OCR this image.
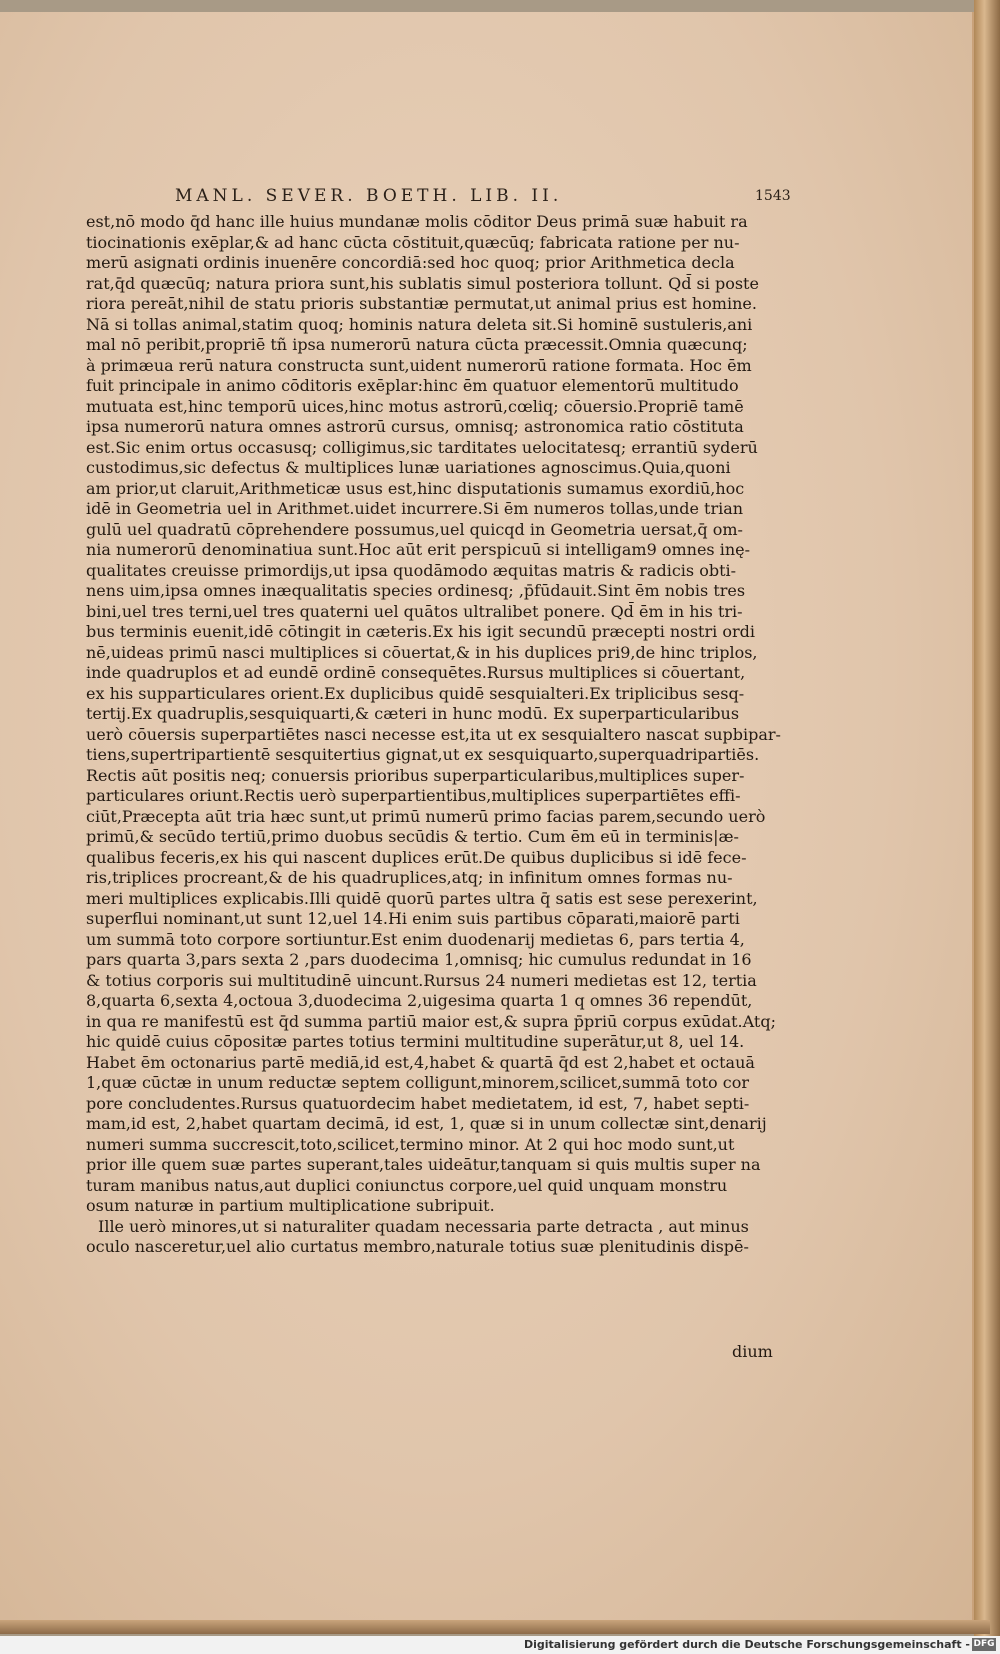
MANL. SEVER. BOETH. LIB. II.	1543
est,nō modo q̄d hanc ille huius mundanæ molis cōditor Deus primā suæ habuit ra
tiocinationis exēplar,& ad hanc cūcta cōstituit,quæcūq; fabricata ratione per nu-
merū asignati ordinis inuenēre concordiā:sed hoc quoq; prior Arithmetica decla
rat,q̄d quæcūq; natura priora sunt,his sublatis simul posteriora tollunt. Qd̄ si poste
riora pereāt,nihil de statu prioris substantiæ permutat,ut animal prius est homine.
Nā si tollas animal,statim quoq; hominis natura deleta sit.Si hominē sustuleris,ani
mal nō peribit,propriē tñ ipsa numerorū natura cūcta præcessit.Omnia quæcunq;
à primæua rerū natura constructa sunt,uident numerorū ratione formata. Hoc ēm
fuit principale in animo cōditoris exēplar:hinc ēm quatuor elementorū multitudo
mutuata est,hinc temporū uices,hinc motus astrorū,cœliq; cōuersio.Propriē tamē
ipsa numerorū natura omnes astrorū cursus, omnisq; astronomica ratio cōstituta
est.Sic enim ortus occasusq; colligimus,sic tarditates uelocitatesq; errantiū syderū
custodimus,sic defectus & multiplices lunæ uariationes agnoscimus.Quia,quoni
am prior,ut claruit,Arithmeticæ usus est,hinc disputationis sumamus exordiū,hoc
idē in Geometria uel in Arithmet.uidet incurrere.Si ēm numeros tollas,unde trian
gulū uel quadratū cōprehendere possumus,uel quicqd in Geometria uersat,q̄ om-
nia numerorū denominatiua sunt.Hoc aūt erit perspicuū si intelligam9 omnes inę-
qualitates creuisse primordijs,ut ipsa quodāmodo æquitas matris & radicis obti-
nens uim,ipsa omnes inæqualitatis species ordinesq; ,p̄fūdauit.Sint ēm nobis tres
bini,uel tres terni,uel tres quaterni uel quātos ultralibet ponere. Qd̄ ēm in his tri-
bus terminis euenit,idē cōtingit in cæteris.Ex his igit secundū præcepti nostri ordi
nē,uideas primū nasci multiplices si cōuertat,& in his duplices pri9,de hinc triplos,
inde quadruplos et ad eundē ordinē consequētes.Rursus multiplices si cōuertant,
ex his supparticulares orient.Ex duplicibus quidē sesquialteri.Ex triplicibus sesq-
tertij.Ex quadruplis,sesquiquarti,& cæteri in hunc modū. Ex superparticularibus
uerò cōuersis superpartiētes nasci necesse est,ita ut ex sesquialtero nascat supbipar-
tiens,supertripartientē sesquitertius gignat,ut ex sesquiquarto,superquadripartiēs.
Rectis aūt positis neq; conuersis prioribus superparticularibus,multiplices super-
particulares oriunt.Rectis uerò superpartientibus,multiplices superpartiētes effi-
ciūt,Præcepta aūt tria hæc sunt,ut primū numerū primo facias parem,secundo uerò
primū,& secūdo tertiū,primo duobus secūdis & tertio. Cum ēm eū in terminis|æ-
qualibus feceris,ex his qui nascent duplices erūt.De quibus duplicibus si idē fece-
ris,triplices procreant,& de his quadruplices,atq; in infinitum omnes formas nu-
meri multiplices explicabis.Illi quidē quorū partes ultra q̄ satis est sese perexerint,
superflui nominant,ut sunt 12,uel 14.Hi enim suis partibus cōparati,maiorē parti
um summā toto corpore sortiuntur.Est enim duodenarij medietas 6, pars tertia 4,
pars quarta 3,pars sexta 2 ,pars duodecima 1,omnisq; hic cumulus redundat in 16
& totius corporis sui multitudinē uincunt.Rursus 24 numeri medietas est 12, tertia
8,quarta 6,sexta 4,octoua 3,duodecima 2,uigesima quarta 1 q omnes 36 rependūt,
in qua re manifestū est q̄d summa partiū maior est,& supra p̄priū corpus exūdat.Atq;
hic quidē cuius cōpositæ partes totius termini multitudine superātur,ut 8, uel 14.
Habet ēm octonarius partē mediā,id est,4,habet & quartā q̄d est 2,habet et octauā
1,quæ cūctæ in unum reductæ septem colligunt,minorem,scilicet,summā toto cor
pore concludentes.Rursus quatuordecim habet medietatem, id est, 7, habet septi-
mam,id est, 2,habet quartam decimā, id est, 1, quæ si in unum collectæ sint,denarij
numeri summa succrescit,toto,scilicet,termino minor. At 2 qui hoc modo sunt,ut
prior ille quem suæ partes superant,tales uideātur,tanquam si quis multis super na
turam manibus natus,aut duplici coniunctus corpore,uel quid unquam monstru
osum naturæ in partium multiplicatione subripuit.
Ille uerò minores,ut si naturaliter quadam necessaria parte detracta , aut minus
oculo nasceretur,uel alio curtatus membro,naturale totius suæ plenitudinis dispē-
dium
Digitalisierung gefördert durch die Deutsche Forschungsgemeinschaft - DFG
